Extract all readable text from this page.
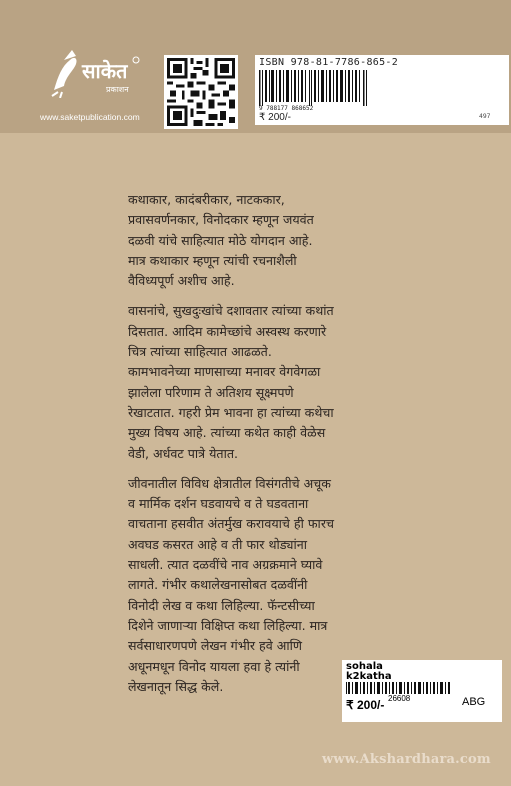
साकेत
प्रकाशन
www.saketpublication.com
ISBN 978-81-7786-865-2
9 788177 868652
₹ 200/-	497

कथाकार, कादंबरीकार, नाटककार,
प्रवासवर्णनकार, विनोदकार म्हणून जयवंत
दळवी यांचे साहित्यात मोठे योगदान आहे.
मात्र कथाकार म्हणून त्यांची रचनाशैली
वैविध्यपूर्ण अशीच आहे.

वासनांचे, सुखदुःखांचे दशावतार त्यांच्या कथांत
दिसतात. आदिम कामेच्छांचे अस्वस्थ करणारे
चित्र त्यांच्या साहित्यात आढळते.
कामभावनेच्या माणसाच्या मनावर वेगवेगळा
झालेला परिणाम ते अतिशय सूक्ष्मपणे
रेखाटतात. गहरी प्रेम भावना हा त्यांच्या कथेचा
मुख्य विषय आहे. त्यांच्या कथेत काही वेळेस
वेडी, अर्धवट पात्रे येतात.

जीवनातील विविध क्षेत्रातील विसंगतीचे अचूक
व मार्मिक दर्शन घडवायचे व ते घडवताना
वाचताना हसवीत अंतर्मुख करावयाचे ही फारच
अवघड कसरत आहे व ती फार थोड्यांना
साधली. त्यात दळवींचे नाव अग्रक्रमाने घ्यावे
लागते. गंभीर कथालेखनासोबत दळवींनी
विनोदी लेख व कथा लिहिल्या. फॅन्टसीच्या
दिशेने जाणाऱ्या विक्षिप्त कथा लिहिल्या. मात्र
सर्वसाधारणपणे लेखन गंभीर हवे आणि
अधूनमधून विनोद यायला हवा हे त्यांनी
लेखनातून सिद्ध केले.

sohala
k2katha
₹ 200/- 26608	ABG
www.Akshardhara.com
